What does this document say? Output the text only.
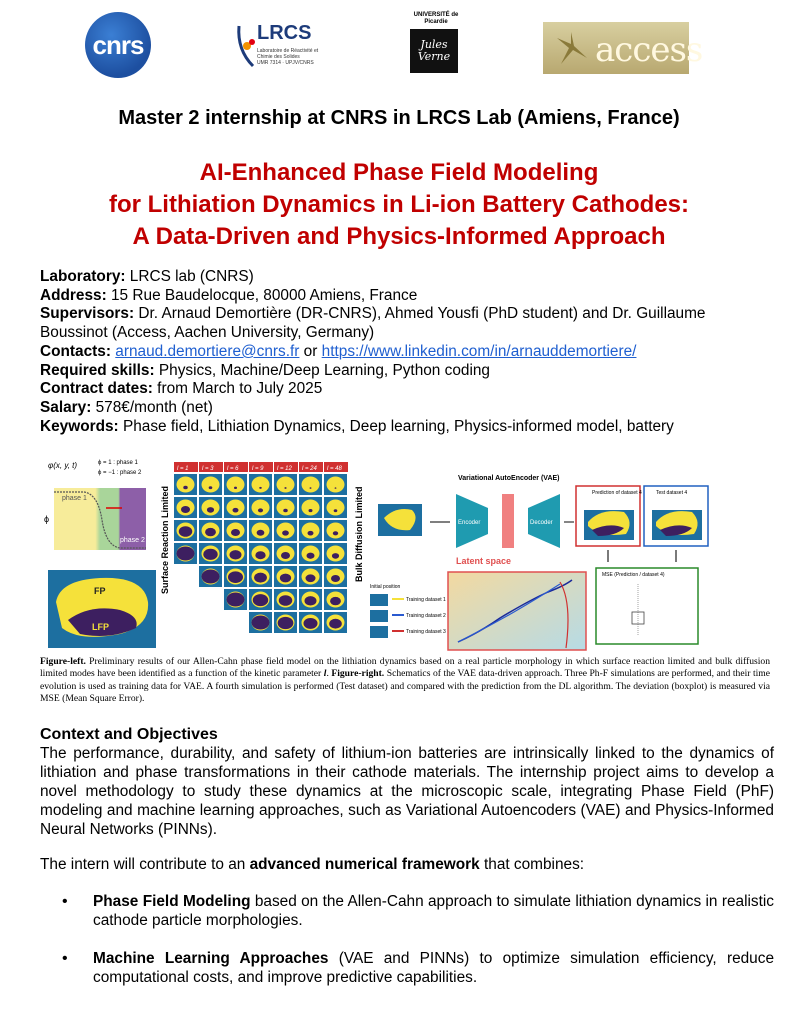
cnrs	LRCS
Laboratoire de Réactivité et Chimie des Solides
UMR 7314 · UPJV/CNRS
UNIVERSITÉ de Picardie
Jules Verne	access
Master 2 internship at CNRS in LRCS Lab (Amiens, France)
AI-Enhanced Phase Field Modeling
for Lithiation Dynamics in Li-ion Battery Cathodes:
A Data-Driven and Physics-Informed Approach
Laboratory: LRCS lab (CNRS)
Address: 15 Rue Baudelocque, 80000 Amiens, France
Supervisors: Dr. Arnaud Demortière (DR-CNRS), Ahmed Yousfi (PhD student) and Dr. Guillaume Boussinot (Access, Aachen University, Germany)
Contacts: arnaud.demortiere@cnrs.fr or https://www.linkedin.com/in/arnauddemortiere/
Required skills: Physics, Machine/Deep Learning, Python coding
Contract dates: from March to July 2025
Salary: 578€/month (net)
Keywords: Phase field, Lithiation Dynamics, Deep learning, Physics-informed model, battery
φ(x, y, t)	ϕ = 1 : phase 1
ϕ = −1 : phase 2
phase 1
phase 2
ϕ
FP
LFP
Surface Reaction Limited	Bulk Diffusion Limited
l = 1 l = 3 l = 6 l = 9 l = 12 l = 24 l = 48
Variational AutoEncoder (VAE)
Encoder	Decoder
Prediction of dataset 4	Test dataset 4
MSE (Prediction / dataset 4)
Latent space
Initial position
Training dataset 1
Training dataset 2
Training dataset 3
Figure-left. Preliminary results of our Allen-Cahn phase field model on the lithiation dynamics based on a real particle morphology in which surface reaction limited and bulk diffusion limited modes have been identified as a function of the kinetic parameter l. Figure-right. Schematics of the VAE data-driven approach. Three Ph-F simulations are performed, and their time evolution is used as training data for VAE. A fourth simulation is performed (Test dataset) and compared with the prediction from the DL algorithm. The deviation (boxplot) is measured via MSE (Mean Square Error).
Context and Objectives
The performance, durability, and safety of lithium-ion batteries are intrinsically linked to the dynamics of lithiation and phase transformations in their cathode materials. The internship project aims to develop a novel methodology to study these dynamics at the microscopic scale, integrating Phase Field (PhF) modeling and machine learning approaches, such as Variational Autoencoders (VAE) and Physics-Informed Neural Networks (PINNs).
The intern will contribute to an advanced numerical framework that combines:
• Phase Field Modeling based on the Allen-Cahn approach to simulate lithiation dynamics in realistic cathode particle morphologies.
• Machine Learning Approaches (VAE and PINNs) to optimize simulation efficiency, reduce computational costs, and improve predictive capabilities.
